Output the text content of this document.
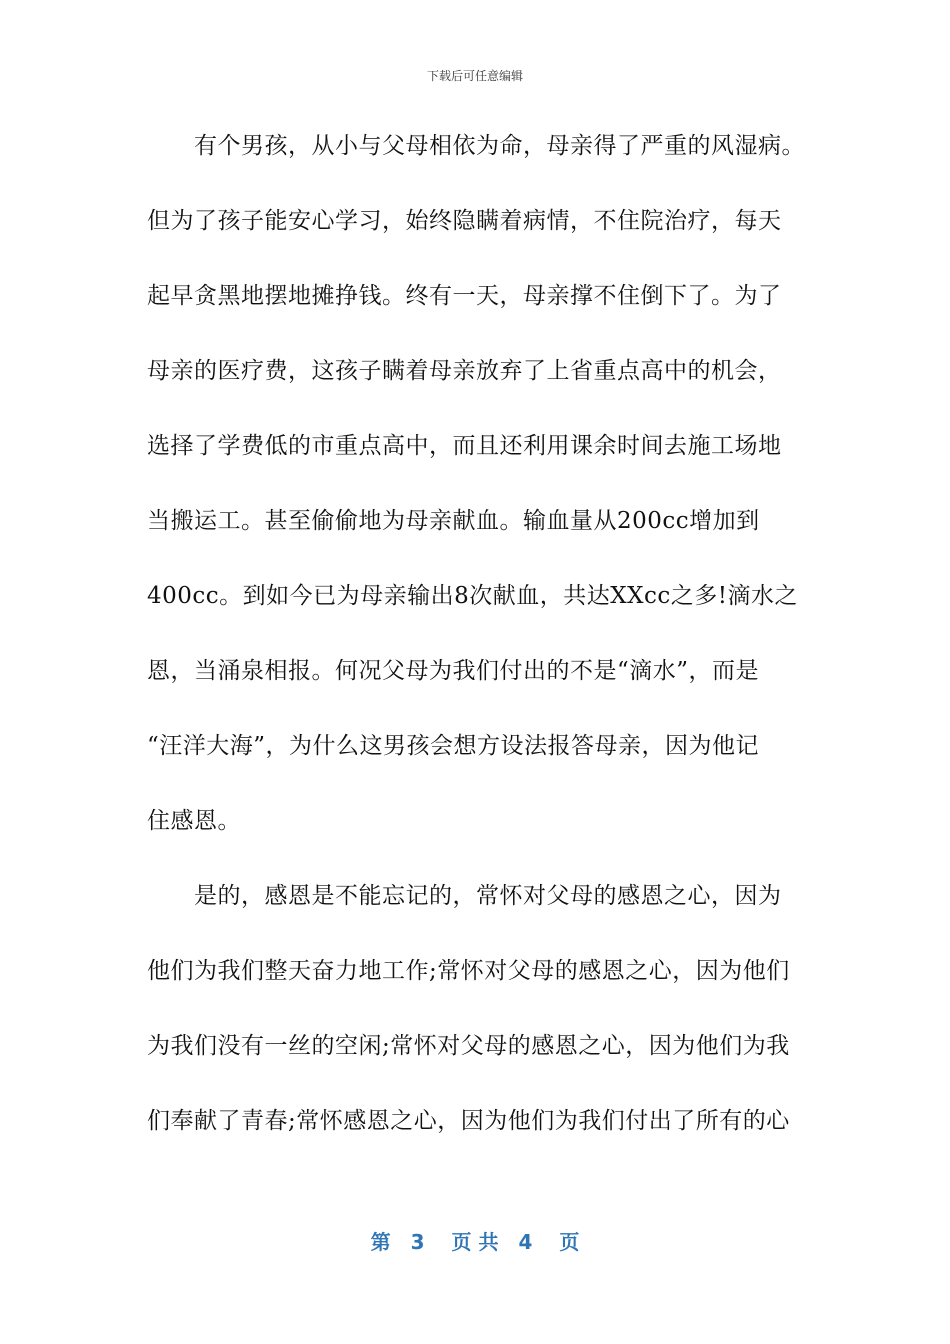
下载后可任意编辑
　　有个男孩，从小与父母相依为命，母亲得了严重的风湿病。
但为了孩子能安心学习，始终隐瞒着病情，不住院治疗，每天
起早贪黑地摆地摊挣钱。终有一天，母亲撑不住倒下了。为了
母亲的医疗费，这孩子瞒着母亲放弃了上省重点高中的机会，
选择了学费低的市重点高中，而且还利用课余时间去施工场地
当搬运工。甚至偷偷地为母亲献血。输血量从200cc增加到
400cc。到如今已为母亲输出8次献血，共达XXcc之多!滴水之
恩，当涌泉相报。何况父母为我们付出的不是“滴水”，而是
“汪洋大海”，为什么这男孩会想方设法报答母亲，因为他记
住感恩。
　　是的，感恩是不能忘记的，常怀对父母的感恩之心，因为
他们为我们整天奋力地工作;常怀对父母的感恩之心，因为他们
为我们没有一丝的空闲;常怀对父母的感恩之心，因为他们为我
们奉献了青春;常怀感恩之心，因为他们为我们付出了所有的心
第　3　 页 共　4　 页
